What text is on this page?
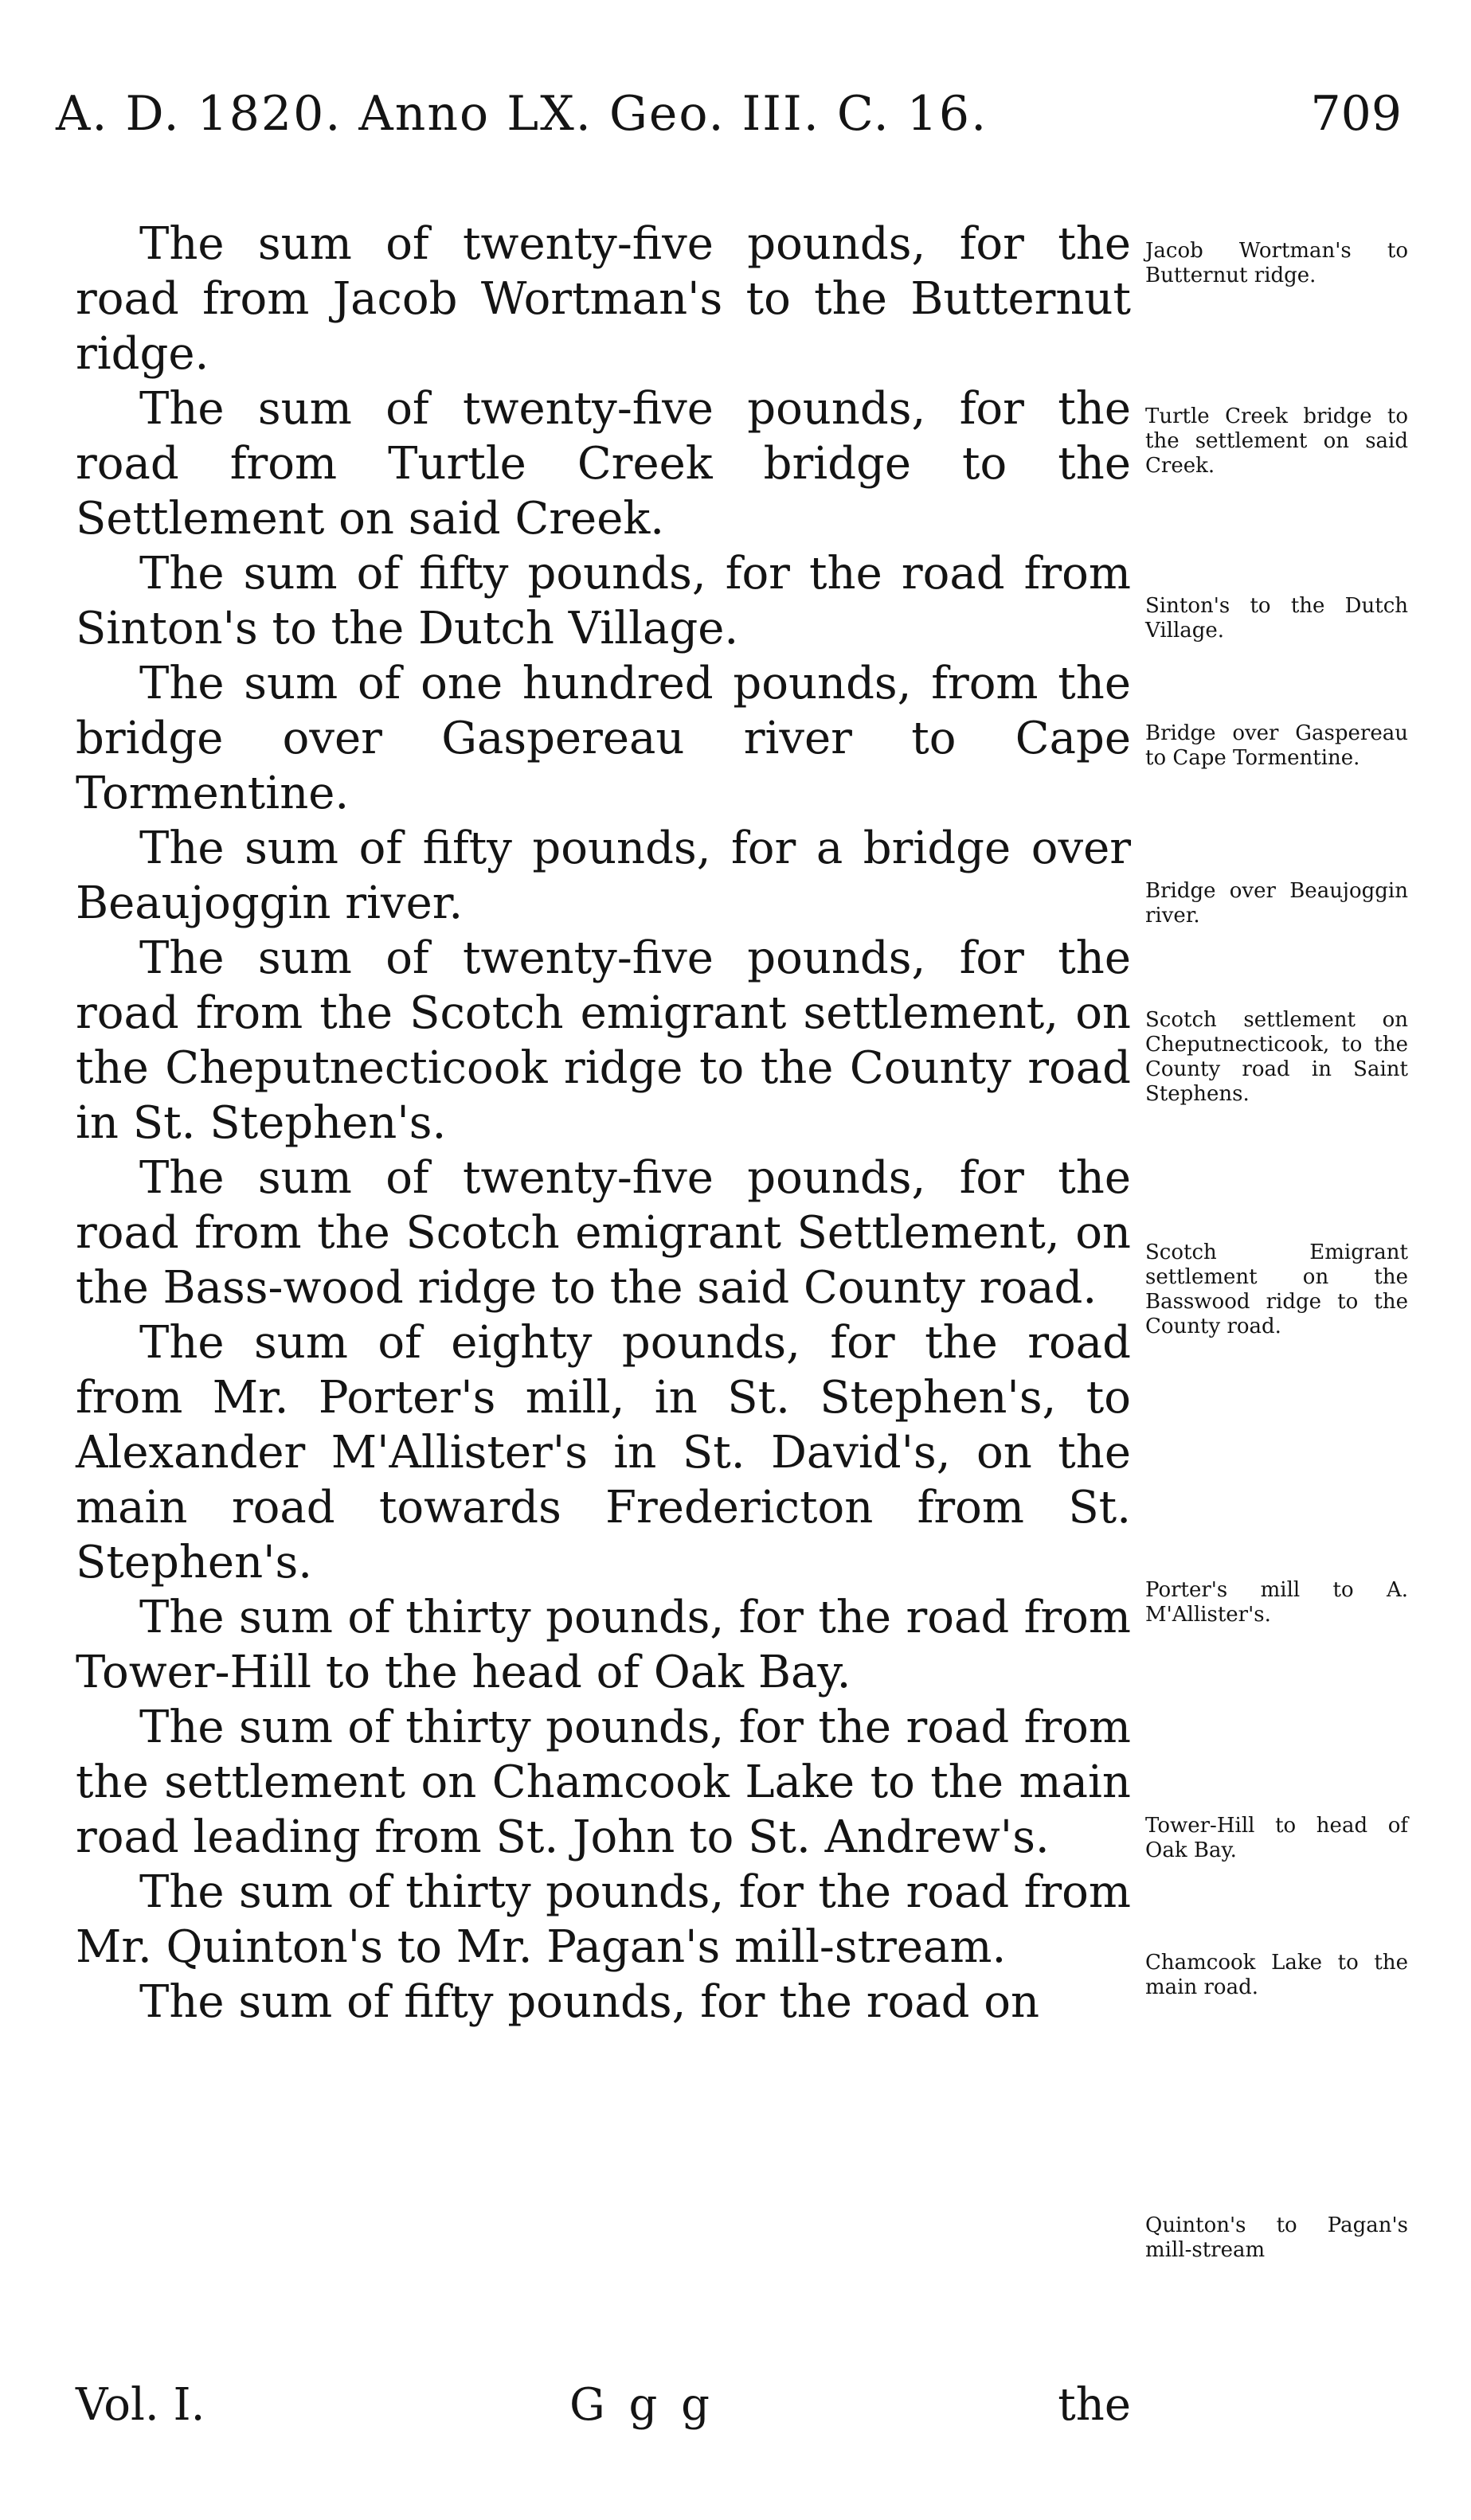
A. D. 1820. Anno LX. Geo. III. C. 16.	709

The sum of twenty-five pounds, for the road from Jacob Wortman's to the Butternut ridge.

The sum of twenty-five pounds, for the road from Turtle Creek bridge to the Settlement on said Creek.

The sum of fifty pounds, for the road from Sinton's to the Dutch Village.

The sum of one hundred pounds, from the bridge over Gaspereau river to Cape Tormentine.

The sum of fifty pounds, for a bridge over Beaujoggin river.

The sum of twenty-five pounds, for the road from the Scotch emigrant settlement, on the Cheputnecticook ridge to the County road in St. Stephen's.

The sum of twenty-five pounds, for the road from the Scotch emigrant Settlement, on the Bass-wood ridge to the said County road.

The sum of eighty pounds, for the road from Mr. Porter's mill, in St. Stephen's, to Alexander M'Allister's in St. David's, on the main road towards Fredericton from St. Stephen's.

The sum of thirty pounds, for the road from Tower-Hill to the head of Oak Bay.

The sum of thirty pounds, for the road from the settlement on Chamcook Lake to the main road leading from St. John to St. Andrew's.

The sum of thirty pounds, for the road from Mr. Quinton's to Mr. Pagan's mill-stream.

The sum of fifty pounds, for the road on

Jacob Wortman's to Butternut ridge.
Turtle Creek bridge to the settlement on said Creek.
Sinton's to the Dutch Village.
Bridge over Gaspereau to Cape Tormentine.
Bridge over Beaujoggin river.
Scotch settlement on Cheputnecticook, to the County road in Saint Stephens.
Scotch Emigrant settlement on the Basswood ridge to the County road.
Porter's mill to A. M'Allister's.
Tower-Hill to head of Oak Bay.
Chamcook Lake to the main road.
Quinton's to Pagan's mill-stream
Vol. I.	G g g	the
